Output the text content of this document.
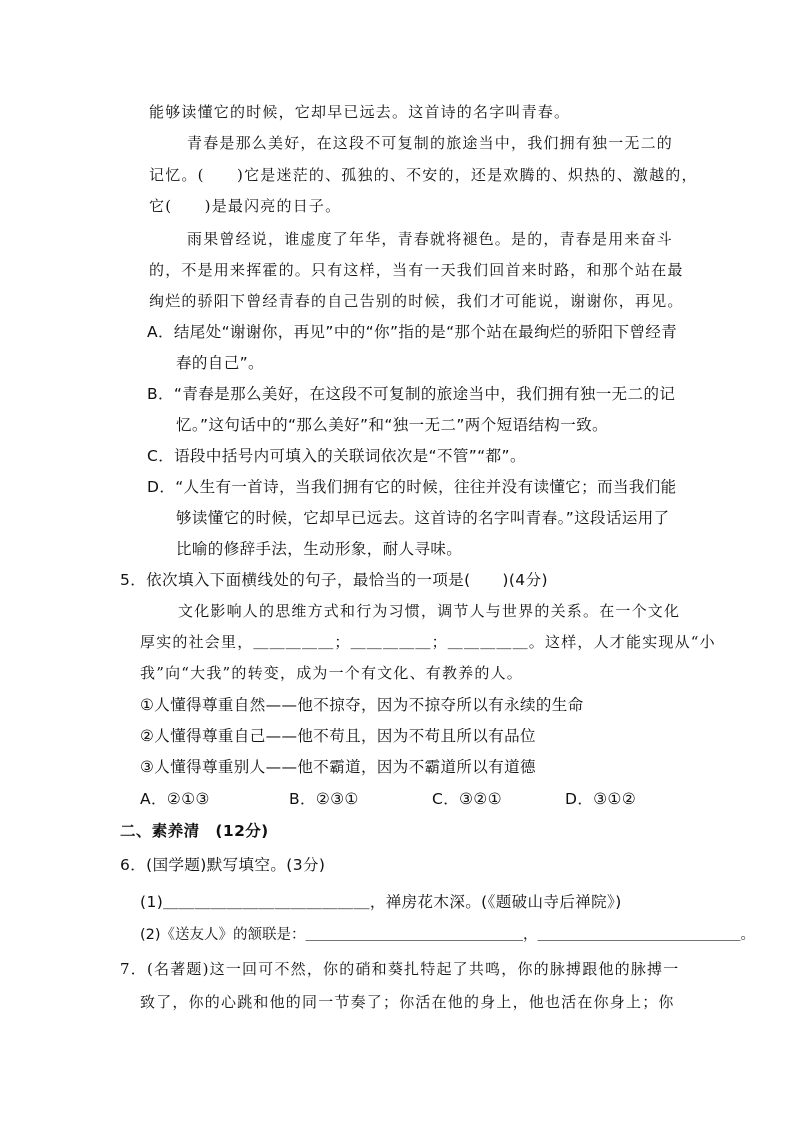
能够读懂它的时候，它却早已远去。这首诗的名字叫青春。
青春是那么美好，在这段不可复制的旅途当中，我们拥有独一无二的
记忆。(　　)它是迷茫的、孤独的、不安的，还是欢腾的、炽热的、激越的，
它(　　)是最闪亮的日子。
雨果曾经说，谁虚度了年华，青春就将褪色。是的，青春是用来奋斗
的，不是用来挥霍的。只有这样，当有一天我们回首来时路，和那个站在最
绚烂的骄阳下曾经青春的自己告别的时候，我们才可能说，谢谢你，再见。
A．结尾处“谢谢你，再见”中的“你”指的是“那个站在最绚烂的骄阳下曾经青
春的自己”。
B．“青春是那么美好，在这段不可复制的旅途当中，我们拥有独一无二的记
忆。”这句话中的“那么美好”和“独一无二”两个短语结构一致。
C．语段中括号内可填入的关联词依次是“不管”“都”。
D．“人生有一首诗，当我们拥有它的时候，往往并没有读懂它；而当我们能
够读懂它的时候，它却早已远去。这首诗的名字叫青春。”这段话运用了
比喻的修辞手法，生动形象，耐人寻味。
5．依次填入下面横线处的句子，最恰当的一项是(　　)(4分)
文化影响人的思维方式和行为习惯，调节人与世界的关系。在一个文化
厚实的社会里，＿＿＿＿＿；＿＿＿＿＿；＿＿＿＿＿。这样，人才能实现从“小
我”向“大我”的转变，成为一个有文化、有教养的人。
①人懂得尊重自然——他不掠夺，因为不掠夺所以有永续的生命
②人懂得尊重自己——他不苟且，因为不苟且所以有品位
③人懂得尊重别人——他不霸道，因为不霸道所以有道德
A．②①③	B．②③①	C．③②①	D．③①②
二、素养清　(12分)
6．(国学题)默写填空。(3分)
(1)＿＿＿＿＿＿＿＿＿＿＿＿＿，禅房花木深。(《题破山寺后禅院》)
(2)《送友人》的颔联是：＿＿＿＿＿＿＿＿＿＿＿＿＿＿＿，＿＿＿＿＿＿＿＿＿＿＿＿＿＿。
7．(名著题)这一回可不然，你的硝和葵扎特起了共鸣，你的脉搏跟他的脉搏一
致了，你的心跳和他的同一节奏了；你活在他的身上，他也活在你身上；你
